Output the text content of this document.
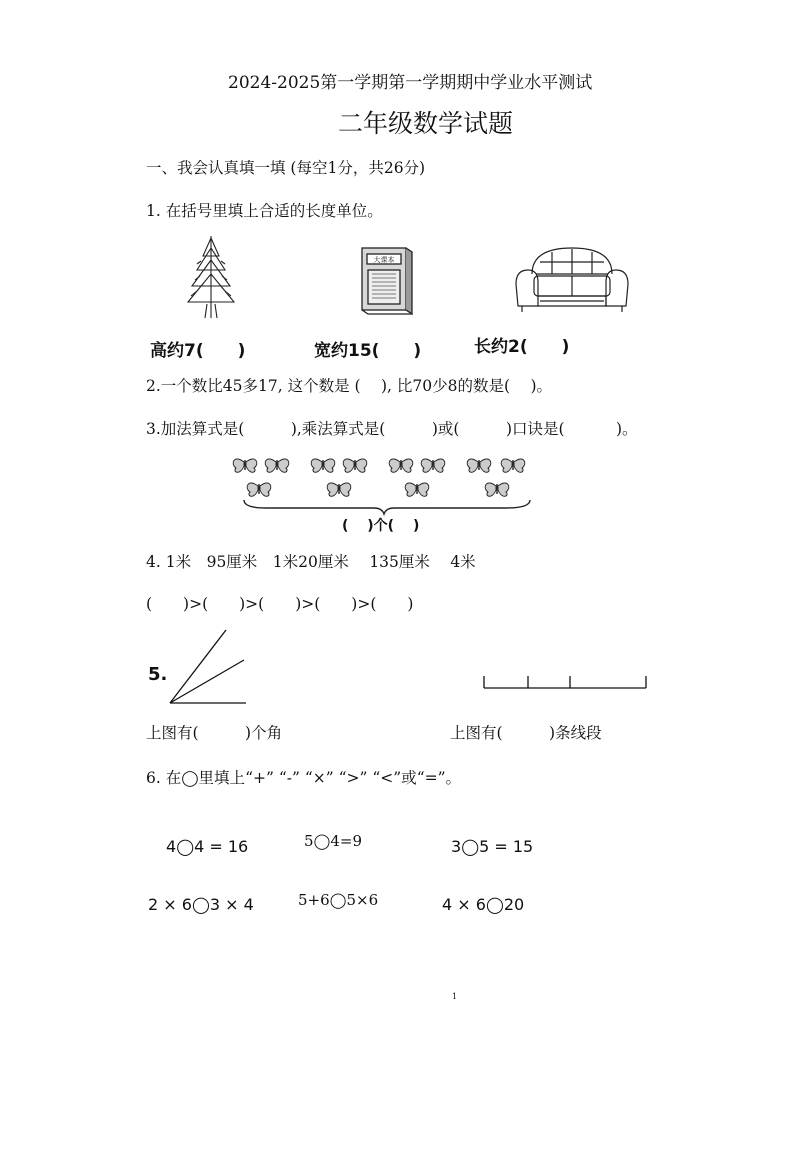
2024-2025第一学期第一学期期中学业水平测试
二年级数学试题
一、我会认真填一填 (每空1分，共26分)
1. 在括号里填上合适的长度单位。
大课本
高约7(　　)	宽约15(　　)	长约2(　　)
2.一个数比45多17, 这个数是 (　 ), 比70少8的数是(　 )。
3.加法算式是(　　　),乘法算式是(　　　)或(　　　)口诀是(　　　 )。
(　 )个(　 )
4. 1米　95厘米　1米20厘米　 135厘米　 4米
(　　)>(　　)>(　　)>(　　)>(　　)
5.
上图有(　　　)个角	上图有(　　　)条线段
6. 在◯里填上“+” “-” “×” “>” “<”或“=”。
4◯4 = 16	5◯4=9	3◯5 = 15
2 × 6◯3 × 4	5+6◯5×6	4 × 6◯20
1
